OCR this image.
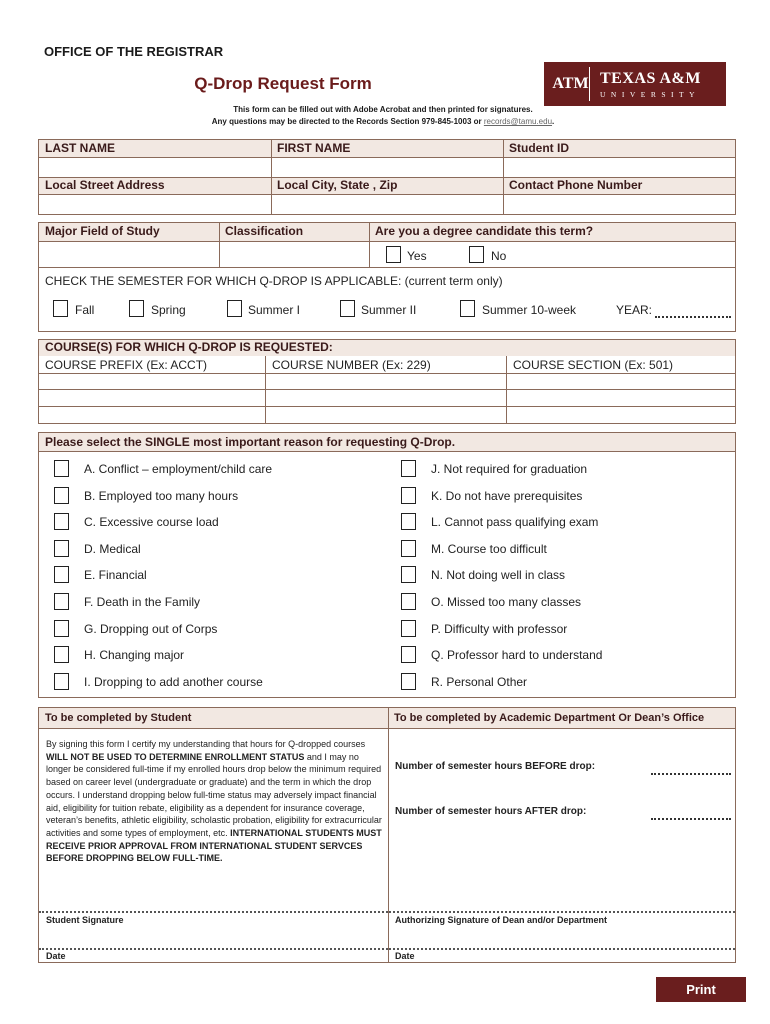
OFFICE OF THE REGISTRAR
Q-Drop Request Form	ATM TEXAS A&M
UNIVERSITY
This form can be filled out with Adobe Acrobat and then printed for signatures.
Any questions may be directed to the Records Section 979-845-1003 or records@tamu.edu.
LAST NAME	FIRST NAME	Student ID
Local Street Address	Local City, State , Zip	Contact Phone Number
Major Field of Study	Classification	Are you a degree candidate this term?
Yes	No
CHECK THE SEMESTER FOR WHICH Q-DROP IS APPLICABLE: (current term only)
Fall	Spring	Summer I	Summer II	Summer 10-week	YEAR:
COURSE(S) FOR WHICH Q-DROP IS REQUESTED:
COURSE PREFIX (Ex: ACCT)	COURSE NUMBER (Ex: 229)	COURSE SECTION (Ex: 501)
Please select the SINGLE most important reason for requesting Q-Drop.
A. Conflict – employment/child care
B. Employed too many hours
C. Excessive course load
D. Medical
E. Financial
F. Death in the Family
G. Dropping out of Corps
H. Changing major
I. Dropping to add another course
J. Not required for graduation
K. Do not have prerequisites
L. Cannot pass qualifying exam
M. Course too difficult
N. Not doing well in class
O. Missed too many classes
P. Difficulty with professor
Q. Professor hard to understand
R. Personal Other
To be completed by Student	To be completed by Academic Department Or Dean’s Office
By signing this form I certify my understanding that hours for Q-dropped courses WILL NOT BE USED TO DETERMINE ENROLLMENT STATUS and I may no longer be considered full-time if my enrolled hours drop below the minimum required based on career level (undergraduate or graduate) and the term in which the drop occurs. I understand dropping below full-time status may adversely impact financial aid, eligibility for tuition rebate, eligibility as a dependent for insurance coverage, veteran’s benefits, athletic eligibility, scholastic probation, eligibility for extracurricular activities and some types of employment, etc. INTERNATIONAL STUDENTS MUST RECEIVE PRIOR APPROVAL FROM INTERNATIONAL STUDENT SERVCES BEFORE DROPPING BELOW FULL-TIME.
Number of semester hours BEFORE drop:
Number of semester hours AFTER drop:
Student Signature	Authorizing Signature of Dean and/or Department
Date	Date
Print
